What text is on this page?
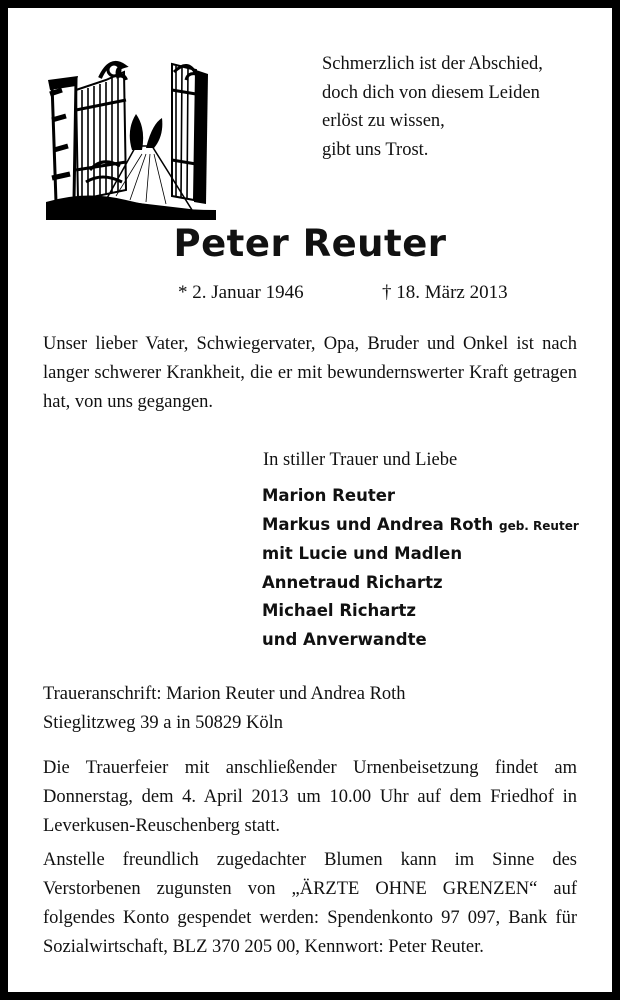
Schmerzlich ist der Abschied,
doch dich von diesem Leiden
erlöst zu wissen,
gibt uns Trost.
Peter Reuter
* 2. Januar 1946	† 18. März 2013
Unser lieber Vater, Schwiegervater, Opa, Bruder und Onkel ist nach langer schwerer Krankheit, die er mit bewundernswerter Kraft getragen hat, von uns gegangen.
In stiller Trauer und Liebe
Marion Reuter
Markus und Andrea Roth geb. Reuter
mit Lucie und Madlen
Annetraud Richartz
Michael Richartz
und Anverwandte
Traueranschrift: Marion Reuter und Andrea Roth
Stieglitzweg 39 a in 50829 Köln
Die Trauerfeier mit anschließender Urnenbeisetzung findet am Donnerstag, dem 4. April 2013 um 10.00 Uhr auf dem Friedhof in Leverkusen-Reuschenberg statt.
Anstelle freundlich zugedachter Blumen kann im Sinne des Verstorbenen zugunsten von „ÄRZTE OHNE GRENZEN“ auf folgendes Konto gespendet werden: Spendenkonto 97 097, Bank für Sozialwirtschaft, BLZ 370 205 00, Kennwort: Peter Reuter.
